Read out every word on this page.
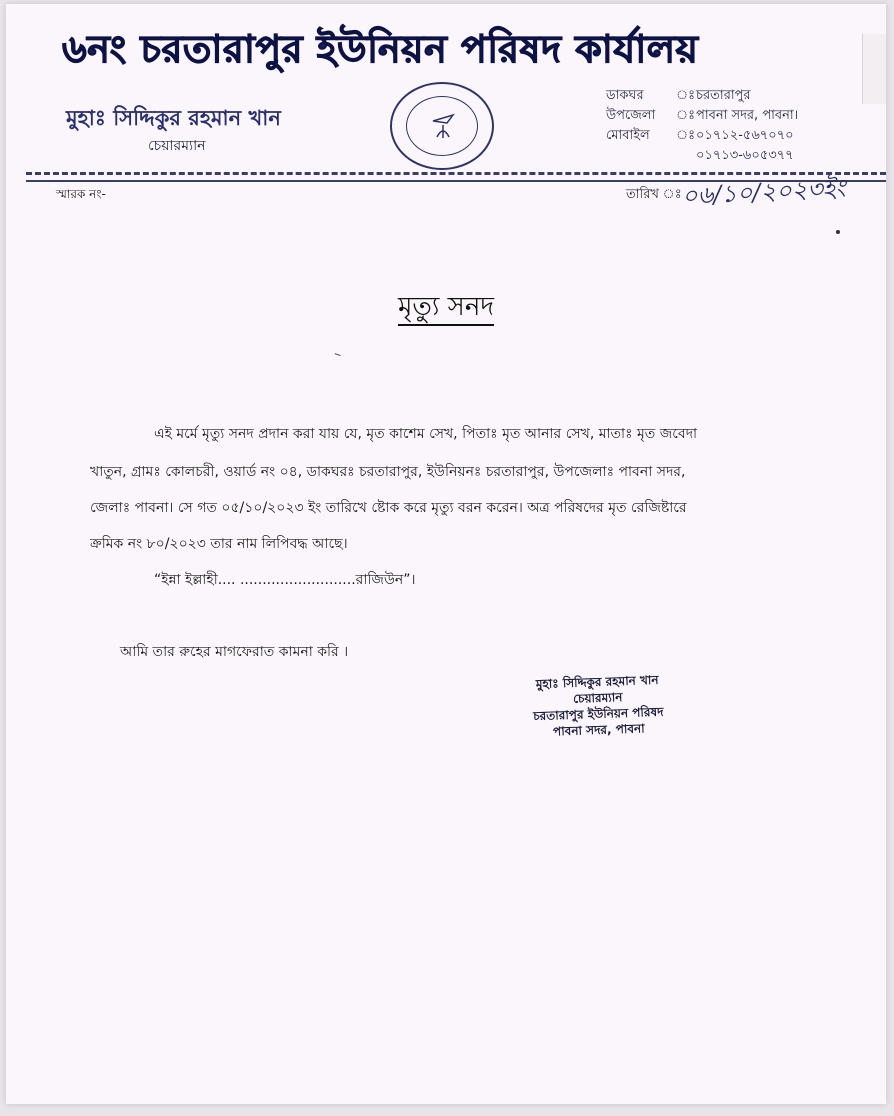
৬নং চরতারাপুর ইউনিয়ন পরিষদ কার্যালয়
মুহাঃ সিদ্দিকুর রহমান খান
চেয়ারম্যান
ডাকঘর	ঃ চরতারাপুর
উপজেলা	ঃ পাবনা সদর, পাবনা।
মোবাইল	ঃ ০১৭১২-৫৬৭০৭০
০১৭১৩-৬০৫৩৭৭
স্মারক নং-	তারিখ ঃ ০৬/১০/২০২৩ইং
মৃত্যু সনদ
এই মর্মে মৃত্যু সনদ প্রদান করা যায় যে, মৃত কাশেম সেখ, পিতাঃ মৃত আনার সেখ, মাতাঃ মৃত জবেদা
খাতুন, গ্রামঃ কোলচরী, ওয়ার্ড নং ০৪, ডাকঘরঃ চরতারাপুর, ইউনিয়নঃ চরতারাপুর, উপজেলাঃ পাবনা সদর,
জেলাঃ পাবনা। সে গত ০৫/১০/২০২৩ ইং তারিখে ষ্টোক করে মৃত্যু বরন করেন। অত্র পরিষদের মৃত রেজিষ্টারে
ক্রমিক নং ৮০/২০২৩ তার নাম লিপিবদ্ধ আছে।
“ইন্না ইল্লাহী.... ..........................রাজিউন”।
আমি তার রুহের মাগফেরাত কামনা করি ।
মুহাঃ সিদ্দিকুর রহমান খান
চেয়ারম্যান
চরতারাপুর ইউনিয়ন পরিষদ
পাবনা সদর, পাবনা
